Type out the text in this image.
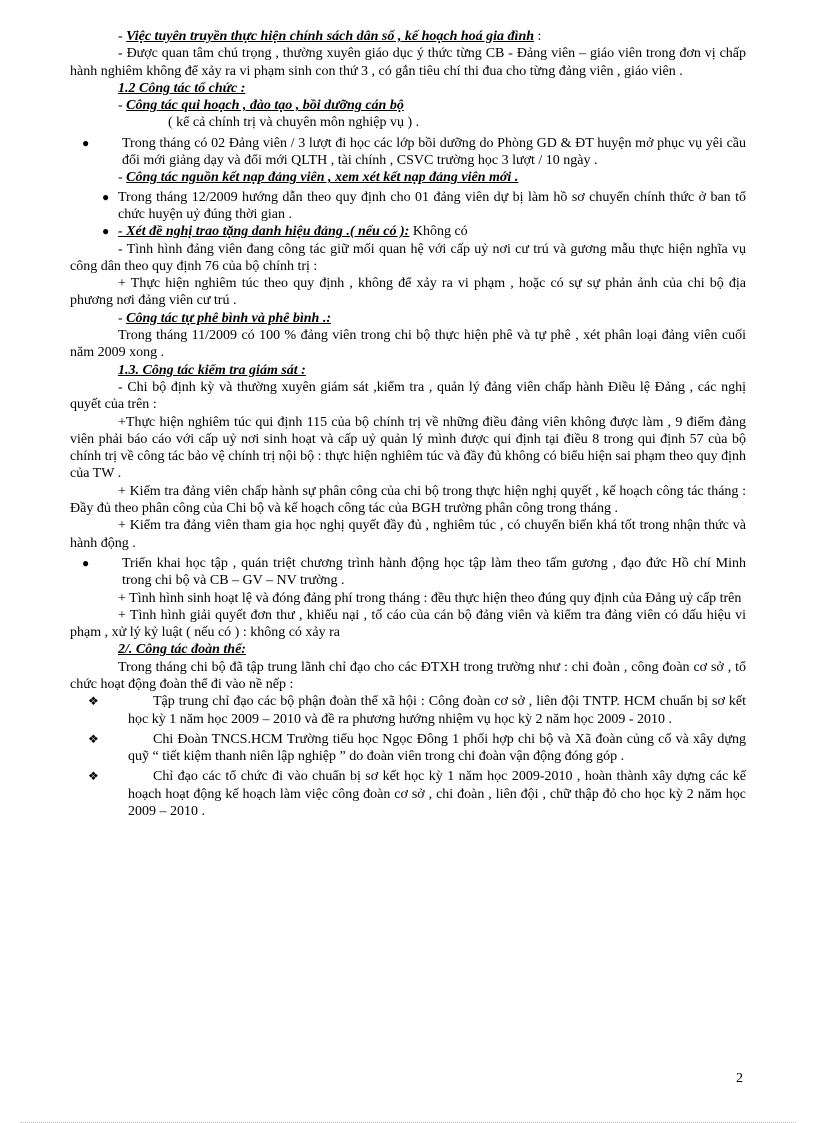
- Việc tuyên truyền thực hiện chính sách dân số , kế hoạch hoá gia đình :

- Được quan tâm chú trọng , thường xuyên giáo dục ý thức từng CB - Đảng viên – giáo viên trong đơn vị chấp hành nghiêm không để xảy ra vi phạm sinh con thứ 3 , có gắn tiêu chí thi đua cho từng đảng viên , giáo viên .

1.2 Công tác tổ chức :

- Công tác qui hoạch , đào tạo , bồi dưỡng cán bộ

( kể cả chính trị và chuyên môn nghiệp vụ ) .

● Trong tháng có 02 Đảng viên / 3 lượt đi học các lớp bồi dưỡng do Phòng GD & ĐT huyện mở phục vụ yêi cầu đổi mới giảng dạy và đổi mới QLTH , tài chính , CSVC trường học 3 lượt / 10 ngày .

- Công tác nguồn kết nạp đảng viên , xem xét kết nạp đảng viên mới .

● Trong tháng 12/2009 hướng dẫn theo quy định cho 01 đảng viên dự bị làm hồ sơ chuyển chính thức ở ban tổ chức huyện uỷ đúng thời gian .

● - Xét đề nghị trao tặng danh hiệu đảng .( nếu có ): Không có

- Tình hình đảng viên đang công tác giữ mối quan hệ với cấp uỷ nơi cư trú và gương mẫu thực hiện nghĩa vụ công dân theo quy định 76 của bộ chính trị :

+ Thực hiện nghiêm túc theo quy định , không để xảy ra vi phạm , hoặc có sự sự phản ảnh của chi bộ địa phương nơi đảng viên cư trú .

- Công tác tự phê bình và phê bình .:

Trong tháng 11/2009 có 100 % đảng viên trong chi bộ thực hiện phê và tự phê , xét phân loại đảng viên cuối năm 2009 xong .

1.3. Công tác kiểm tra giám sát :

- Chi bộ định kỳ và thường xuyên giám sát ,kiểm tra , quản lý đảng viên chấp hành Điều lệ Đảng , các nghị quyết của trên :

+Thực hiện nghiêm túc qui định 115 của bộ chính trị về những điều đảng viên không được làm , 9 điểm đảng viên phải báo cáo với cấp uỷ nơi sinh hoạt và cấp uỷ quản lý mình được qui định tại điều 8 trong qui định 57 của bộ chính trị về công tác bảo vệ chính trị nội bộ : thực hiện nghiêm túc và đầy đủ không có biểu hiện sai phạm theo quy định của TW .

+ Kiểm tra đảng viên chấp hành sự phân công của chi bộ trong thực hiện nghị quyết , kế hoạch công tác tháng : Đầy đủ theo phân công của Chi bộ và kế hoạch công tác của BGH trường phân công trong tháng .

+ Kiểm tra đảng viên tham gia học nghị quyết đầy đủ , nghiêm túc , có chuyển biến khá tốt trong nhận thức và hành động .

● Triển khai học tập , quán triệt chương trình hành động học tập làm theo tấm gương , đạo đức Hồ chí Minh trong chi bộ và CB – GV – NV trường .

+ Tình hình sinh hoạt lệ và đóng đảng phí trong tháng : đều thực hiện theo đúng quy định của Đảng uỷ cấp trên

+ Tình hình giải quyết đơn thư , khiếu nại , tố cáo của cán bộ đảng viên và kiểm tra đảng viên có dấu hiệu vi phạm , xử lý kỷ luật ( nếu có ) : không có xảy ra

2/. Công tác đoàn thể:

Trong tháng chi bộ đã tập trung lãnh chỉ đạo cho các ĐTXH trong trường như : chi đoàn , công đoàn cơ sở , tổ chức hoạt động đoàn thể đi vào nề nếp :

❖	Tập trung chỉ đạo các bộ phận đoàn thể xã hội : Công đoàn cơ sở , liên đội TNTP. HCM chuẩn bị sơ kết học kỳ 1 năm học 2009 – 2010 và đề ra phương hướng nhiệm vụ học kỳ 2 năm học 2009 - 2010 .

❖	Chi Đoàn TNCS.HCM Trường tiểu học Ngọc Đông 1 phối hợp chi bộ và Xã đoàn củng cố và xây dựng quỹ “ tiết kiệm thanh niên lập nghiệp ” do đoàn viên trong chi đoàn vận động đóng góp .

❖	Chỉ đạo các tổ chức đi vào chuẩn bị sơ kết học kỳ 1 năm học 2009-2010 , hoàn thành xây dựng các kế hoạch hoạt động kế hoạch làm việc công đoàn cơ sở , chi đoàn , liên đội , chữ thập đỏ cho học kỳ 2 năm học 2009 – 2010 .

2
